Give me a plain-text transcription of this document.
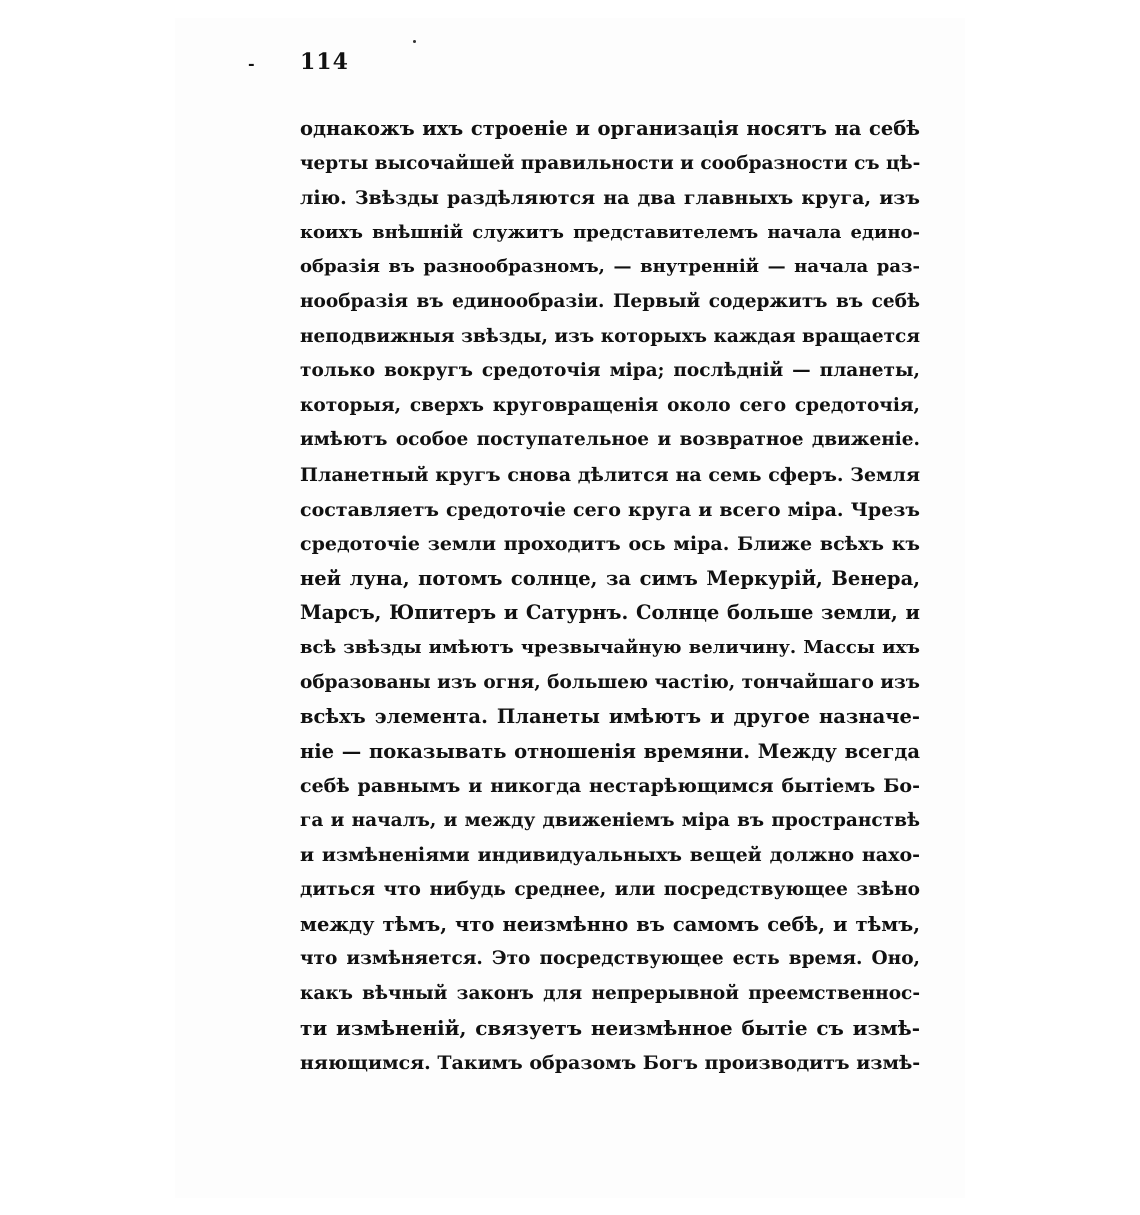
- 114
однакожъ ихъ строеніе и организація носятъ на себѣ
черты высочайшей правильности и сообразности съ цѣ-
лію. Звѣзды раздѣляются на два главныхъ круга, изъ
коихъ внѣшній служитъ представителемъ начала едино-
образія въ разнообразномъ, — внутренній — начала раз-
нообразія въ единообразіи. Первый содержитъ въ себѣ
неподвижныя звѣзды, изъ которыхъ каждая вращается
только вокругъ средоточія міра; послѣдній — планеты,
которыя, сверхъ круговращенія около сего средоточія,
имѣютъ особое поступательное и возвратное движеніе.
Планетный кругъ снова дѣлится на семь сферъ. Земля
составляетъ средоточіе сего круга и всего міра. Чрезъ
средоточіе земли проходитъ ось міра. Ближе всѣхъ къ
ней луна, потомъ солнце, за симъ Меркурій, Венера,
Марсъ, Юпитеръ и Сатурнъ. Солнце больше земли, и
всѣ звѣзды имѣютъ чрезвычайную величину. Массы ихъ
образованы изъ огня, большею частію, тончайшаго изъ
всѣхъ элемента. Планеты имѣютъ и другое назначе-
ніе — показывать отношенія времяни. Между всегда
себѣ равнымъ и никогда нестарѣющимся бытіемъ Бо-
га и началъ, и между движеніемъ міра въ пространствѣ
и измѣненіями индивидуальныхъ вещей должно нахо-
диться что нибудь среднее, или посредствующее звѣно
между тѣмъ, что неизмѣнно въ самомъ себѣ, и тѣмъ,
что измѣняется. Это посредствующее есть время. Оно,
какъ вѣчный законъ для непрерывной преемственнос-
ти измѣненій, связуетъ неизмѣнное бытіе съ измѣ-
няющимся. Такимъ образомъ Богъ производитъ измѣ-
